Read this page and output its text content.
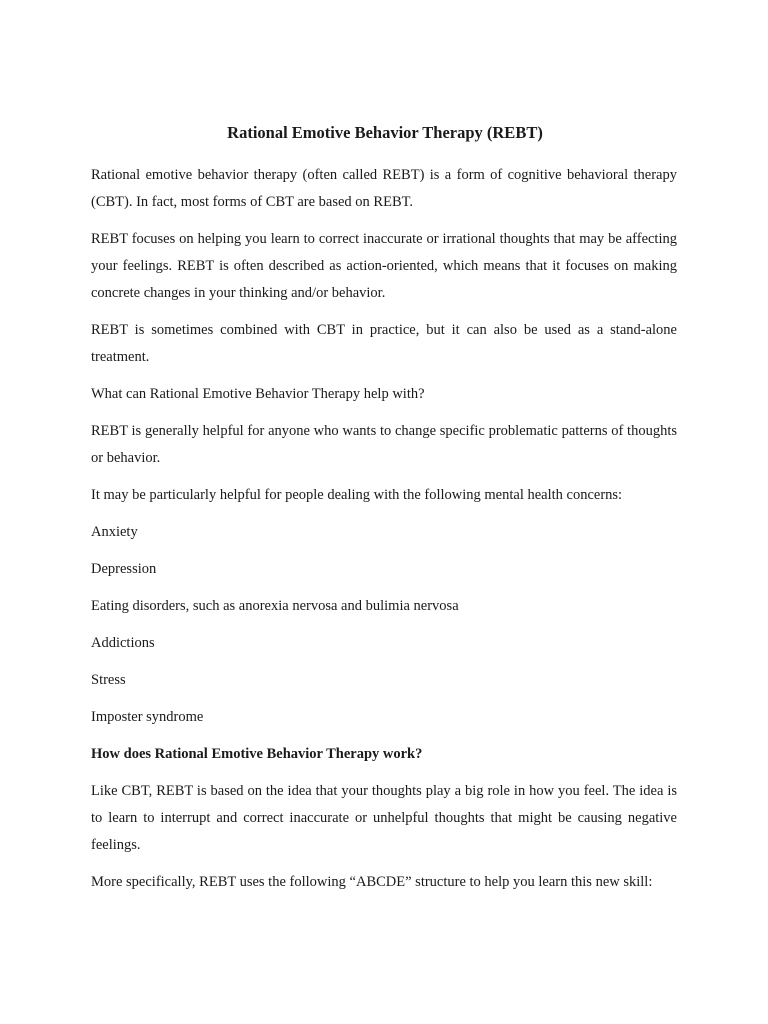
Rational Emotive Behavior Therapy (REBT)

Rational emotive behavior therapy (often called REBT) is a form of cognitive behavioral therapy (CBT). In fact, most forms of CBT are based on REBT.

REBT focuses on helping you learn to correct inaccurate or irrational thoughts that may be affecting your feelings. REBT is often described as action-oriented, which means that it focuses on making concrete changes in your thinking and/or behavior.

REBT is sometimes combined with CBT in practice, but it can also be used as a stand-alone treatment.

What can Rational Emotive Behavior Therapy help with?

REBT is generally helpful for anyone who wants to change specific problematic patterns of thoughts or behavior.

It may be particularly helpful for people dealing with the following mental health concerns:

Anxiety

Depression

Eating disorders, such as anorexia nervosa and bulimia nervosa

Addictions

Stress

Imposter syndrome

How does Rational Emotive Behavior Therapy work?

Like CBT, REBT is based on the idea that your thoughts play a big role in how you feel. The idea is to learn to interrupt and correct inaccurate or unhelpful thoughts that might be causing negative feelings.

More specifically, REBT uses the following “ABCDE” structure to help you learn this new skill:
